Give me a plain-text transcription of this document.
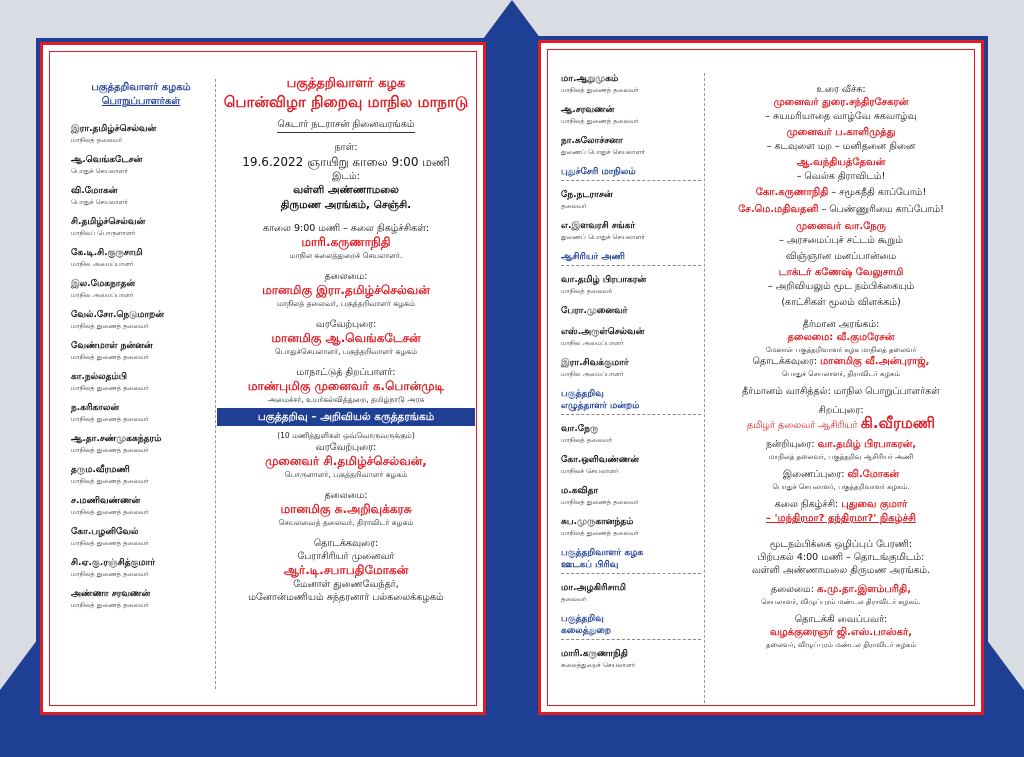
பகுத்தறிவாளர் கழகம்
பொறுப்பாளர்கள்
இரா.தமிழ்ச்செல்வன்
மாநிலத் தலைவர்
ஆ.வெங்கடேசன்
பொதுச் செயலாளர்
வி.மோகன்
பொதுச் செயலாளர்
சி.தமிழ்ச்செல்வன்
மாநிலப் பொருளாளர்
கே.டி.சி.குருசாமி
மாநில அமைப்பாளர்
இல.மேகநாதன்
மாநில அமைப்பாளர்
வேல்.சோ.நெடுமாறன்
மாநிலத் துணைத் தலைவர்
வேண்மாள் நன்னன்
மாநிலத் துணைத் தலைவர்
கா.நல்லதம்பி
மாநிலத் துணைத் தலைவர்
ந.கரிகாலன்
மாநிலத் துணைத் தலைவர்
ஆ.தா.சண்முகசுந்தரம்
மாநிலத் துணைத் தலைவர்
தரும.வீரமணி
மாநிலத் துணைத் தலைவர்
ச.மணிவண்ணன்
மாநிலத் துணைத் தலைவர்
கோ.பழனிவேல்
மாநிலத் துணைத் தலைவர்
சி.ஏ.கு.ரஞ்சித்குமார்
மாநிலத் துணைத் தலைவர்
அண்ணா சரவணன்
மாநிலத் துணைத் தலைவர்
பகுத்தறிவாளர் கழக
பொன்விழா நிறைவு மாநில மாநாடு
கெடார் நடராசன் நினைவரங்கம்
நாள்:
19.6.2022 ஞாயிறு காலை 9:00 மணி
இடம்:
வள்ளி அண்ணாமலை
திருமண அரங்கம், செஞ்சி.
காலை 9:00 மணி – கலை நிகழ்ச்சிகள்:
மாரி.கருணாநிதி
மாநில கலைத்துறைச் செயலாளர்.
தலைமை:
மானமிகு இரா.தமிழ்ச்செல்வன்
மாநிலத் தலைவர், பகுத்தறிவாளர் கழகம்
வரவேற்புரை:
மானமிகு ஆ.வெங்கடேசன்
பொதுச்செயலாளர், பகுத்தறிவாளர் கழகம்
மாநாட்டுத் திறப்பாளர்:
மாண்புமிகு முனைவர் க.பொன்முடி
அமைச்சர், உயர்கல்வித்துறை, தமிழ்நாடு அரசு
பகுத்தறிவு – அறிவியல் கருத்தரங்கம்
(10 மணித்துளிகள் ஒவ்வொருவருக்கும்)
வரவேற்புரை:
முனைவர் சி.தமிழ்ச்செல்வன்,
பொருளாளர், பகுத்தறிவாளர் கழகம்
தலைமை:
மானமிகு சு.அறிவுக்கரசு
செயலவைத் தலைவர், திராவிடர் கழகம்
தொடக்கவுரை:
பேராசிரியர் முனைவர்
ஆர்.டி.சபாபதிமோகன்
மேனாள் துணைவேந்தர்,
மனோன்மணியம் சுந்தரனார் பல்கலைக்கழகம்
மா.ஆறுமுகம்
மாநிலத் துணைத் தலைவர்
ஆ.சரவணன்
மாநிலத் துணைத் தலைவர்
நா.சுலோச்சனா
துணைப் பொதுச் செயலாளர்
புதுச்சேரி மாநிலம்
நே.நடராசன்
தலைவர்
எ.இளவரசி சங்கர்
துணைப் பொதுச் செயலாளர்
ஆசிரியர் அணி
வா.தமிழ் பிரபாகரன்
மாநிலத் தலைவர்
பேரா.முனைவர்
எஸ்.அருள்செல்வன்
மாநில அமைப்பாளர்
இரா.சிவக்குமார்
மாநில அமைப்பாளர்
பகுத்தறிவு
எழுத்தாளர் மன்றம்
வா.நேரு
மாநிலத் தலைவர்
கோ.ஒளிவண்ணன்
மாநிலச் செயலாளர்
ம.கவிதா
மாநிலத் துணைத் தலைவர்
சுப.முருகானந்தம்
மாநிலத் துணைத் தலைவர்
பகுத்தறிவாளர் கழக
ஊடகப் பிரிவு
மா.அழகிரிசாமி
தலைவர்
பகுத்தறிவு
கலைத்துறை
மாரி.கருணாநிதி
கலைத்துறைச் செயலாளர்
உரை வீச்சு:
முனைவர் துரை.சந்திரசேகரன்
– சுயமரியாதை வாழ்வே சுகவாழ்வு
முனைவர் ப.காளிமுத்து
– கடவுளை மற – மனிதனை நினை
ஆ.வந்தியத்தேவன்
– வெல்க திராவிடம்!
கோ.கருணாநிதி – சமூகநீதி காப்போம்!
சே.மெ.மதிவதனி – பெண்ணுரிமை காப்போம்!
முனைவர் வா.நேரு
– அரசமைப்புச் சட்டம் கூறும்
விஞ்ஞான மனப்பான்மை
டாக்டர் கணேஷ் வேலுசாமி
– அறிவியலும் மூட நம்பிக்கையும்
(காட்சிகள் மூலம் விளக்கம்)
தீர்மான அரங்கம்:
தலைமை: வீ.குமரேசன்
மேனாள் பகுத்தறிவாளர் கழக மாநிலத் தலைவர்
தொடக்கவுரை: மானமிகு வீ.அன்புராஜ்,
பொதுச் செயலாளர், திராவிடர் கழகம்
தீர்மானம் வாசித்தல்: மாநில பொறுப்பாளர்கள்
சிறப்புரை:
தமிழர் தலைவர் ஆசிரியர் கி.வீரமணி
நன்றியுரை: வா.தமிழ் பிரபாகரன்,
மாநிலத் தலைவர், பகுத்தறிவு ஆசிரியர் அணி
இணைப்புரை: வி.மோகன்
பொதுச் செயலாளர், பகுத்தறிவாளர் கழகம்.
கலை நிகழ்ச்சி: புதுவை குமார்
– 'மந்திரமா? தந்திரமா?' நிகழ்ச்சி
மூடநம்பிக்கை ஒழிப்புப் பேரணி:
பிற்பகல் 4:00 மணி – தொடங்குமிடம்:
வள்ளி அண்ணாமலை திருமண அரங்கம்.
தலைமை: க.மு.தா.இளம்பரிதி,
செயலாளர், விழுப்புரம் மண்டல திராவிடர் கழகம்.
தொடக்கி வைப்பவர்:
வழக்குரைஞர் ஜி.எஸ்.பாஸ்கர்,
தலைவர், விழுப்புரம் மண்டல திராவிடர் கழகம்
